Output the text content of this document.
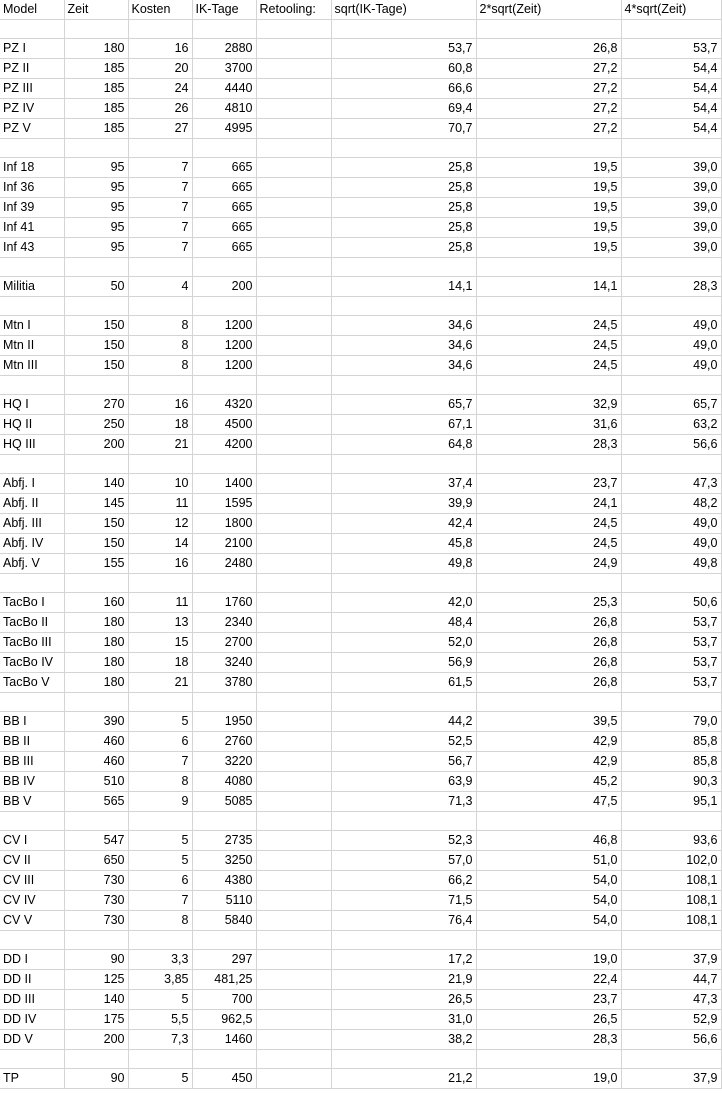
Model	Zeit	Kosten	IK-Tage	Retooling:	sqrt(IK-Tage)	2*sqrt(Zeit)	4*sqrt(Zeit)

PZ I	180	16	2880		53,7	26,8	53,7
PZ II	185	20	3700		60,8	27,2	54,4
PZ III	185	24	4440		66,6	27,2	54,4
PZ IV	185	26	4810		69,4	27,2	54,4
PZ V	185	27	4995		70,7	27,2	54,4

Inf 18	95	7	665		25,8	19,5	39,0
Inf 36	95	7	665		25,8	19,5	39,0
Inf 39	95	7	665		25,8	19,5	39,0
Inf 41	95	7	665		25,8	19,5	39,0
Inf 43	95	7	665		25,8	19,5	39,0

Militia	50	4	200		14,1	14,1	28,3

Mtn I	150	8	1200		34,6	24,5	49,0
Mtn II	150	8	1200		34,6	24,5	49,0
Mtn III	150	8	1200		34,6	24,5	49,0

HQ I	270	16	4320		65,7	32,9	65,7
HQ II	250	18	4500		67,1	31,6	63,2
HQ III	200	21	4200		64,8	28,3	56,6

Abfj. I	140	10	1400		37,4	23,7	47,3
Abfj. II	145	11	1595		39,9	24,1	48,2
Abfj. III	150	12	1800		42,4	24,5	49,0
Abfj. IV	150	14	2100		45,8	24,5	49,0
Abfj. V	155	16	2480		49,8	24,9	49,8

TacBo I	160	11	1760		42,0	25,3	50,6
TacBo II	180	13	2340		48,4	26,8	53,7
TacBo III	180	15	2700		52,0	26,8	53,7
TacBo IV	180	18	3240		56,9	26,8	53,7
TacBo V	180	21	3780		61,5	26,8	53,7

BB I	390	5	1950		44,2	39,5	79,0
BB II	460	6	2760		52,5	42,9	85,8
BB III	460	7	3220		56,7	42,9	85,8
BB IV	510	8	4080		63,9	45,2	90,3
BB V	565	9	5085		71,3	47,5	95,1

CV I	547	5	2735		52,3	46,8	93,6
CV II	650	5	3250		57,0	51,0	102,0
CV III	730	6	4380		66,2	54,0	108,1
CV IV	730	7	5110		71,5	54,0	108,1
CV V	730	8	5840		76,4	54,0	108,1

DD I	90	3,3	297		17,2	19,0	37,9
DD II	125	3,85	481,25		21,9	22,4	44,7
DD III	140	5	700		26,5	23,7	47,3
DD IV	175	5,5	962,5		31,0	26,5	52,9
DD V	200	7,3	1460		38,2	28,3	56,6

TP	90	5	450		21,2	19,0	37,9
